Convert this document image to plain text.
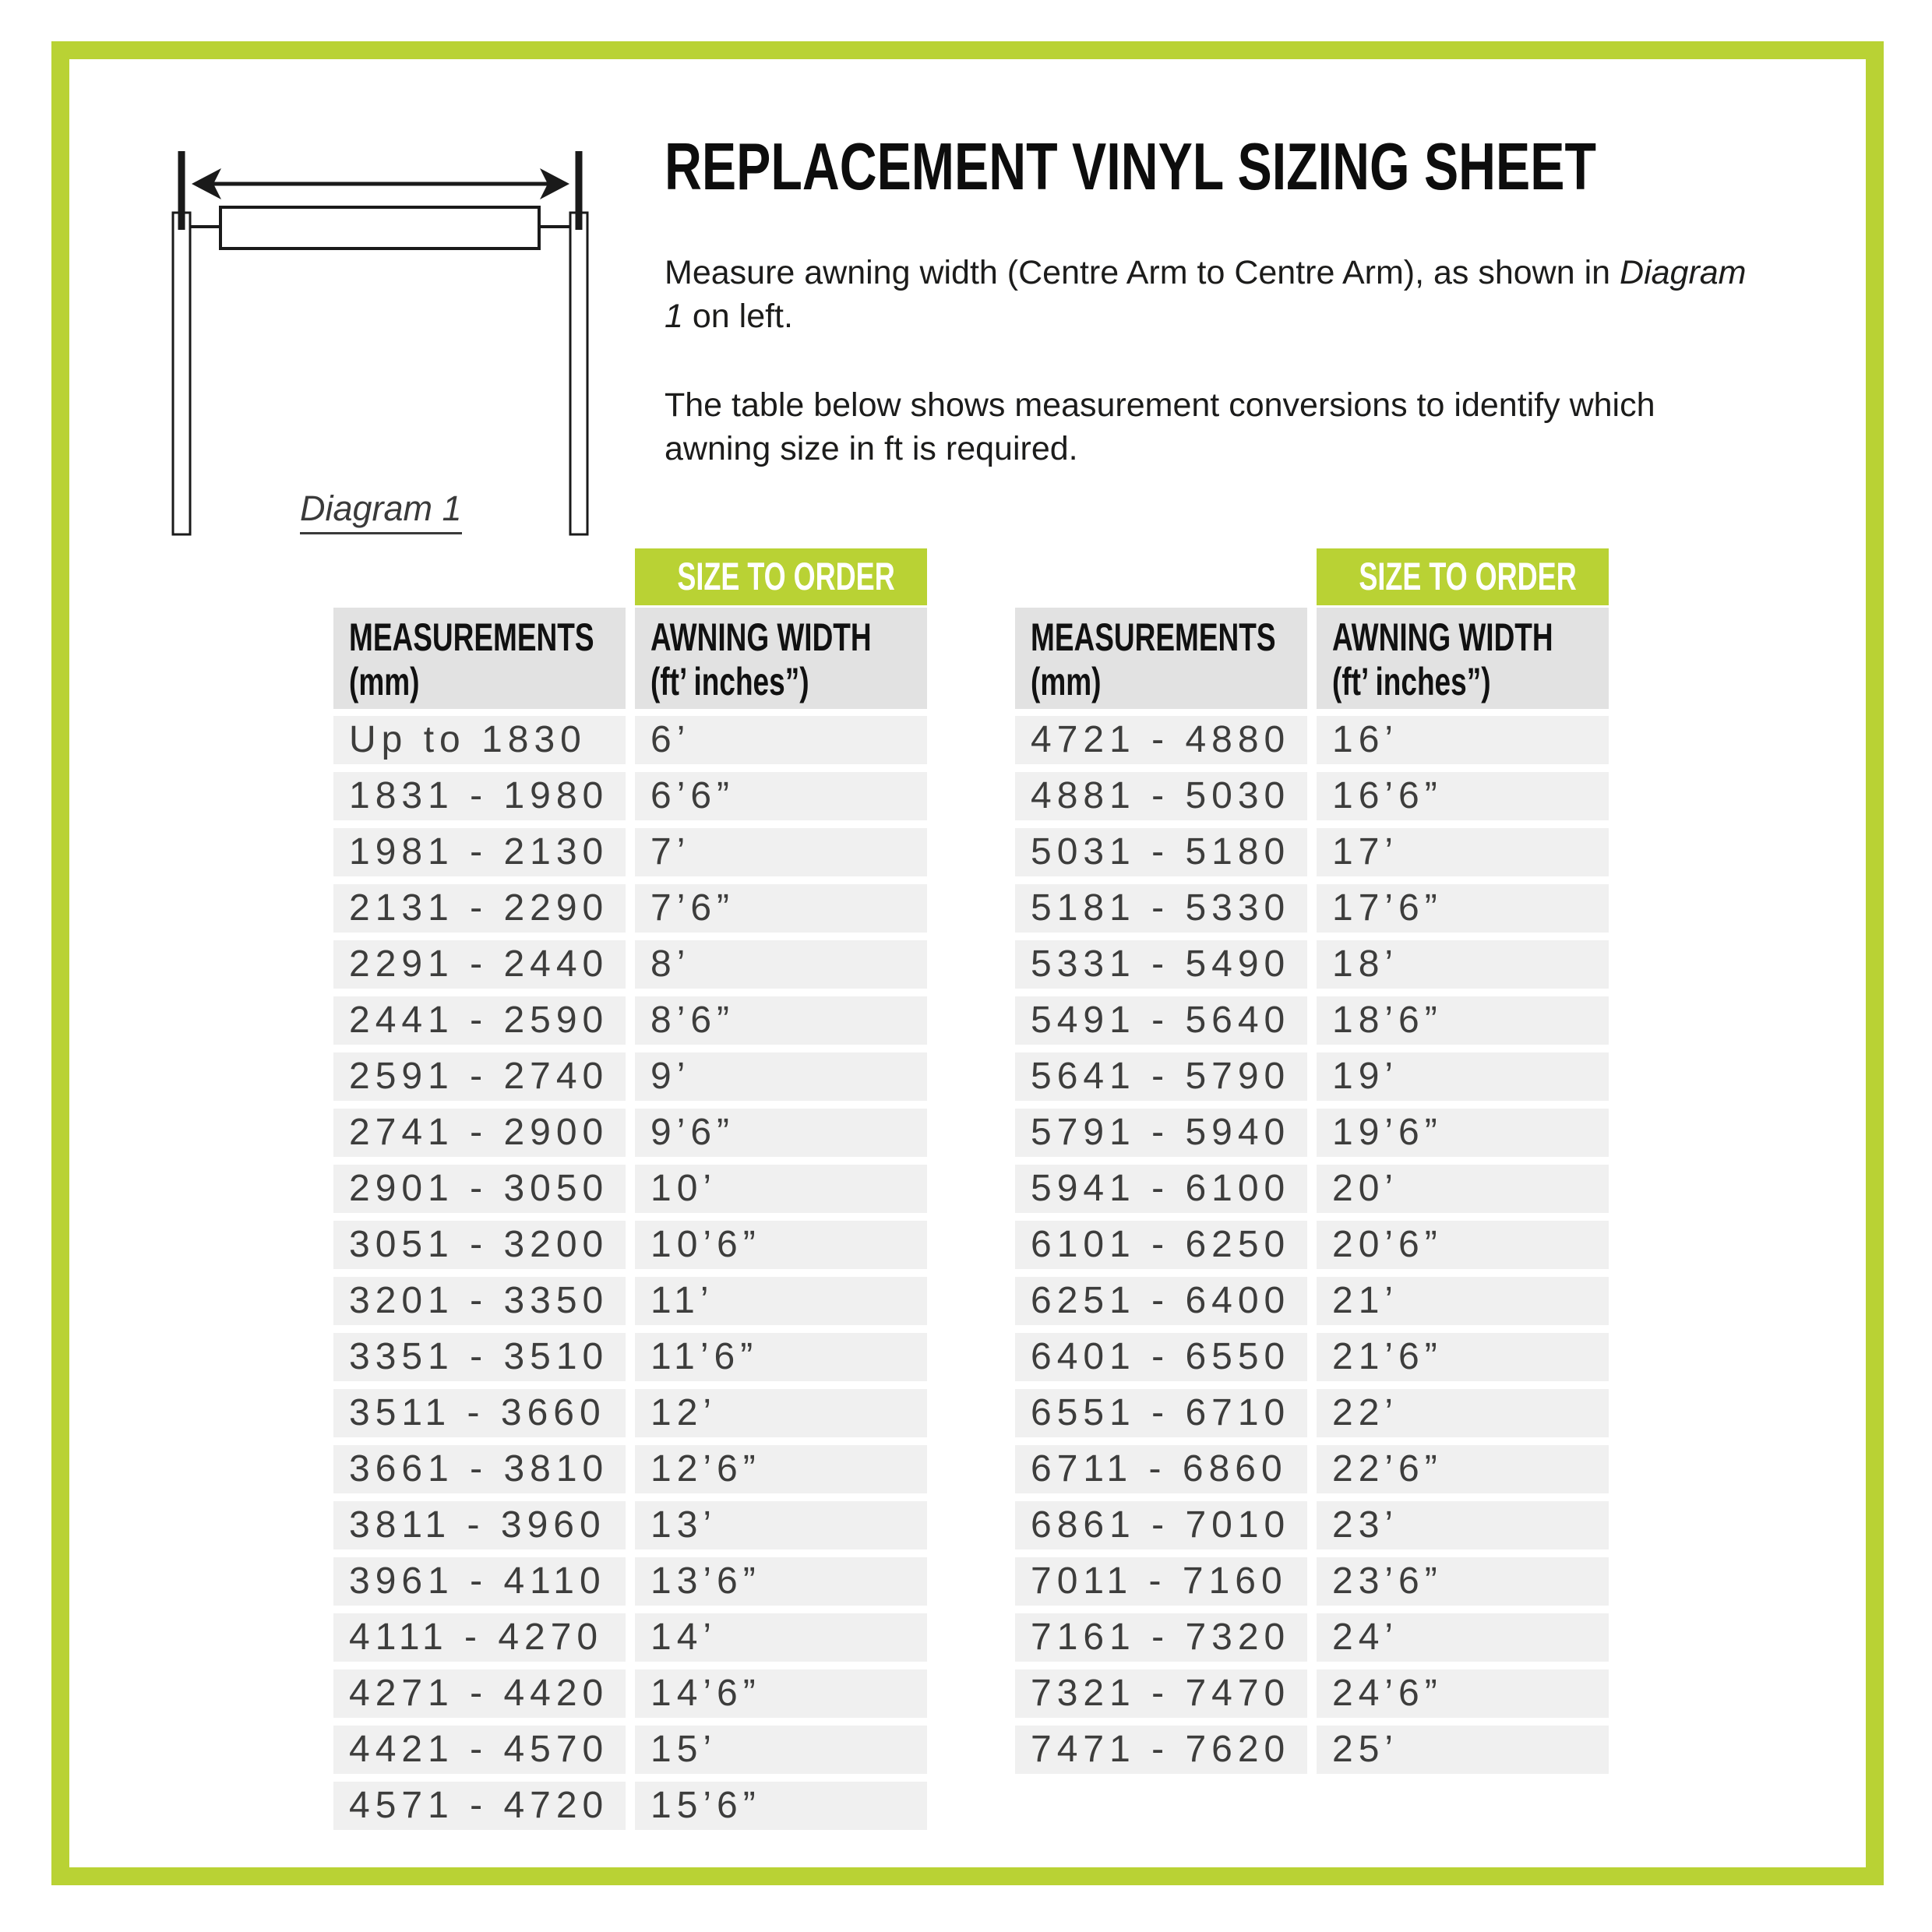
Diagram 1
REPLACEMENT VINYL SIZING SHEET

Measure awning width (Centre Arm to Centre Arm), as shown in Diagram 1 on left.

The table below shows measurement conversions to identify which awning size in ft is required.

SIZE TO ORDER
MEASUREMENTS
(mm)
AWNING WIDTH
(ft’ inches”)
Up to 1830	6’
1831 - 1980	6’6”
1981 - 2130	7’
2131 - 2290	7’6”
2291 - 2440	8’
2441 - 2590	8’6”
2591 - 2740	9’
2741 - 2900	9’6”
2901 - 3050	10’
3051 - 3200	10’6”
3201 - 3350	11’
3351 - 3510	11’6”
3511 - 3660	12’
3661 - 3810	12’6”
3811 - 3960	13’
3961 - 4110	13’6”
4111 - 4270	14’
4271 - 4420	14’6”
4421 - 4570	15’
4571 - 4720	15’6”
SIZE TO ORDER
MEASUREMENTS
(mm)
AWNING WIDTH
(ft’ inches”)
4721 - 4880	16’
4881 - 5030	16’6”
5031 - 5180	17’
5181 - 5330	17’6”
5331 - 5490	18’
5491 - 5640	18’6”
5641 - 5790	19’
5791 - 5940	19’6”
5941 - 6100	20’
6101 - 6250	20’6”
6251 - 6400	21’
6401 - 6550	21’6”
6551 - 6710	22’
6711 - 6860	22’6”
6861 - 7010	23’
7011 - 7160	23’6”
7161 - 7320	24’
7321 - 7470	24’6”
7471 - 7620	25’
